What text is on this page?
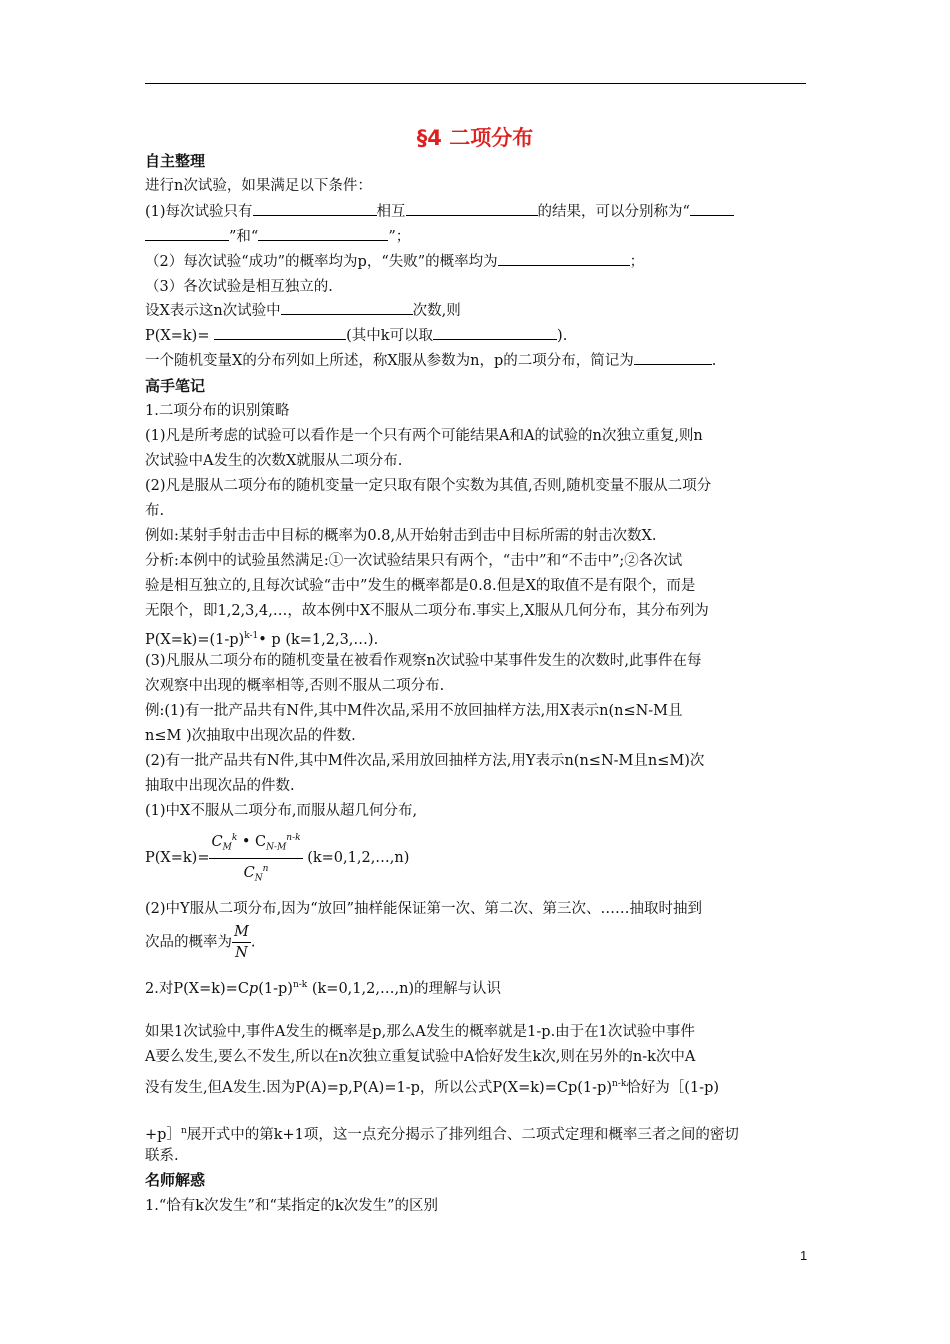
§4 二项分布
自主整理
进行n次试验，如果满足以下条件：
(1)每次试验只有	相互	的结果，可以分别称为“
”和“	”；
（2）每次试验“成功”的概率均为p，“失败”的概率均为	；
（3）各次试验是相互独立的.
设X表示这n次试验中	次数,则
P(X=k)=	(其中k可以取	).
一个随机变量X的分布列如上所述，称X服从参数为n，p的二项分布，简记为	.
高手笔记
1.二项分布的识别策略
(1)凡是所考虑的试验可以看作是一个只有两个可能结果A和A的试验的n次独立重复,则n
次试验中A发生的次数X就服从二项分布.
(2)凡是服从二项分布的随机变量一定只取有限个实数为其值,否则,随机变量不服从二项分
布.
例如:某射手射击击中目标的概率为0.8,从开始射击到击中目标所需的射击次数X.
分析:本例中的试验虽然满足:①一次试验结果只有两个，“击中”和“不击中”;②各次试
验是相互独立的,且每次试验“击中”发生的概率都是0.8.但是X的取值不是有限个，而是
无限个，即1,2,3,4,…，故本例中X不服从二项分布.事实上,X服从几何分布，其分布列为
$P(X=k)=(1-p)^{k-1}•$ p (k=1,2,3,…).
(3)凡服从二项分布的随机变量在被看作观察n次试验中某事件发生的次数时,此事件在每
次观察中出现的概率相等,否则不服从二项分布.
例:(1)有一批产品共有N件,其中M件次品,采用不放回抽样方法,用X表示n(n≤N-M且
n≤M )次抽取中出现次品的件数.
(2)有一批产品共有N件,其中M件次品,采用放回抽样方法,用Y表示n(n≤N-M且n≤M)次
抽取中出现次品的件数.
(1)中X不服从二项分布,而服从超几何分布,
$P(X=k)= \frac{C_M^k • C_{N-M}^{n-k}}{C_N^n}$ (k=0,1,2,…,n)
(2)中Y服从二项分布,因为“放回”抽样能保证第一次、第二次、第三次、……抽取时抽到
次品的概率为 $\frac{M}{N}$ .
2.对$P(X=k)=Cp(1-p)^{n-k}$ (k=0,1,2,…,n)的理解与认识
如果1次试验中,事件A发生的概率是p,那么A发生的概率就是1-p.由于在1次试验中事件
A要么发生,要么不发生,所以在n次独立重复试验中A恰好发生k次,则在另外的n-k次中A
没有发生,但A发生.因为P(A)=p,P(A)=1-p，所以公式$P(X=k)=Cp(1-p)^{n-k}$恰好为［(1-p)
+p］$^n$展开式中的第k+1项，这一点充分揭示了排列组合、二项式定理和概率三者之间的密切
联系.
名师解惑
1.“恰有k次发生”和“某指定的k次发生”的区别
1
